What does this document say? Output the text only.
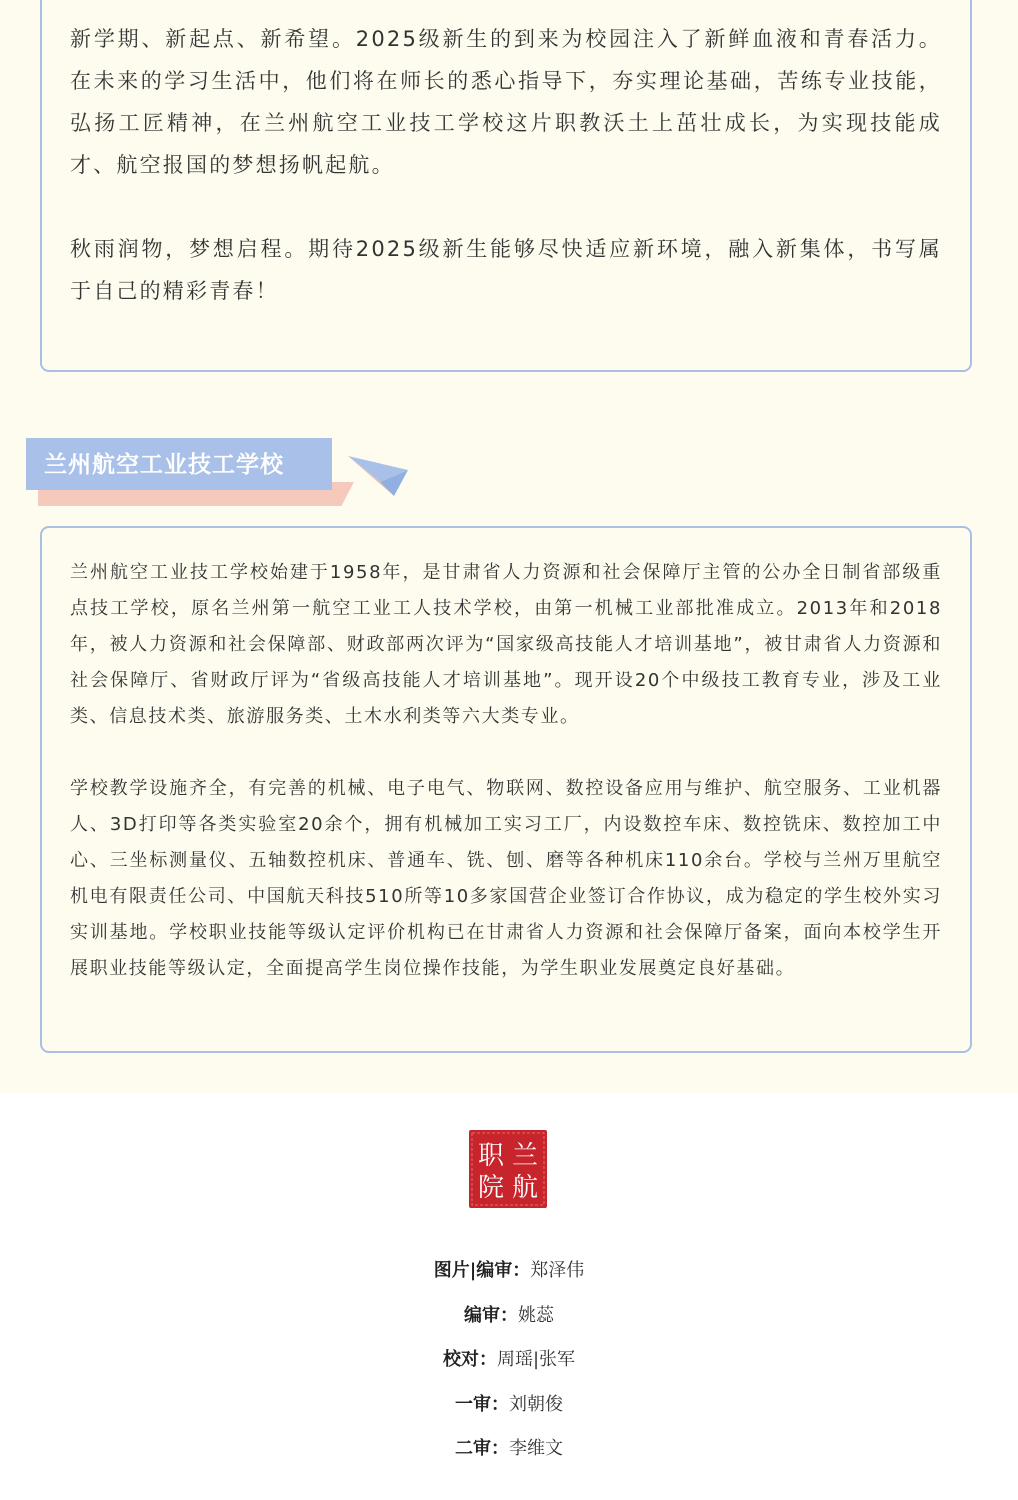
新学期、新起点、新希望。2025级新生的到来为校园注入了新鲜血液和青春活力。在未来的学习生活中，他们将在师长的悉心指导下，夯实理论基础，苦练专业技能，弘扬工匠精神，在兰州航空工业技工学校这片职教沃土上茁壮成长，为实现技能成才、航空报国的梦想扬帆起航。

秋雨润物，梦想启程。期待2025级新生能够尽快适应新环境，融入新集体，书写属于自己的精彩青春！

兰州航空工业技工学校

兰州航空工业技工学校始建于1958年，是甘肃省人力资源和社会保障厅主管的公办全日制省部级重点技工学校，原名兰州第一航空工业工人技术学校，由第一机械工业部批准成立。2013年和2018年，被人力资源和社会保障部、财政部两次评为“国家级高技能人才培训基地”，被甘肃省人力资源和社会保障厅、省财政厅评为“省级高技能人才培训基地”。现开设20个中级技工教育专业，涉及工业类、信息技术类、旅游服务类、土木水利类等六大类专业。

学校教学设施齐全，有完善的机械、电子电气、物联网、数控设备应用与维护、航空服务、工业机器人、3D打印等各类实验室20余个，拥有机械加工实习工厂，内设数控车床、数控铣床、数控加工中心、三坐标测量仪、五轴数控机床、普通车、铣、刨、磨等各种机床110余台。学校与兰州万里航空机电有限责任公司、中国航天科技510所等10多家国营企业签订合作协议，成为稳定的学生校外实习实训基地。学校职业技能等级认定评价机构已在甘肃省人力资源和社会保障厅备案，面向本校学生开展职业技能等级认定，全面提高学生岗位操作技能，为学生职业发展奠定良好基础。

兰
航
职
院

图片|编审：郑泽伟

编审：姚蕊

校对：周瑶|张军

一审：刘朝俊

二审：李维文
